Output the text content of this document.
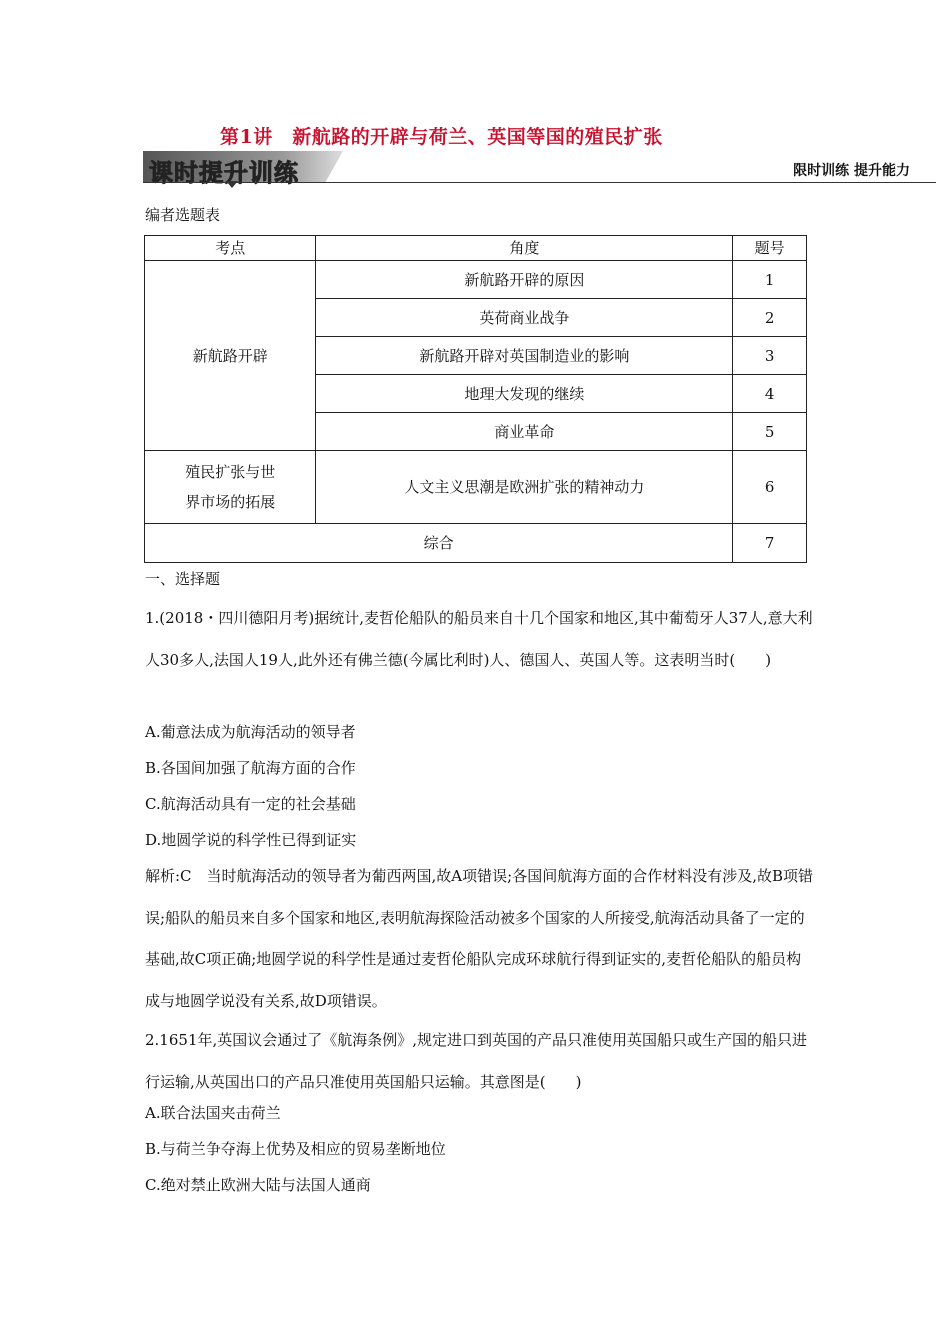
第1讲　新航路的开辟与荷兰、英国等国的殖民扩张
课时提升训练	限时训练 提升能力
编者选题表
考点	角度	题号
新航路开辟	新航路开辟的原因	1
	英荷商业战争	2
	新航路开辟对英国制造业的影响	3
	地理大发现的继续	4
	商业革命	5

殖民扩张与世
界市场的拓展	人文主义思潮是欧洲扩张的精神动力	6
综合		7
一、选择题
1.(2018・四川德阳月考)据统计,麦哲伦船队的船员来自十几个国家和地区,其中葡萄牙人37人,意大利人30多人,法国人19人,此外还有佛兰德(今属比利时)人、德国人、英国人等。这表明当时(　　)
A.葡意法成为航海活动的领导者
B.各国间加强了航海方面的合作
C.航海活动具有一定的社会基础
D.地圆学说的科学性已得到证实
解析:C　当时航海活动的领导者为葡西两国,故A项错误;各国间航海方面的合作材料没有涉及,故B项错误;船队的船员来自多个国家和地区,表明航海探险活动被多个国家的人所接受,航海活动具备了一定的基础,故C项正确;地圆学说的科学性是通过麦哲伦船队完成环球航行得到证实的,麦哲伦船队的船员构成与地圆学说没有关系,故D项错误。
2.1651年,英国议会通过了《航海条例》,规定进口到英国的产品只准使用英国船只或生产国的船只进行运输,从英国出口的产品只准使用英国船只运输。其意图是(　　)
A.联合法国夹击荷兰
B.与荷兰争夺海上优势及相应的贸易垄断地位
C.绝对禁止欧洲大陆与法国人通商
